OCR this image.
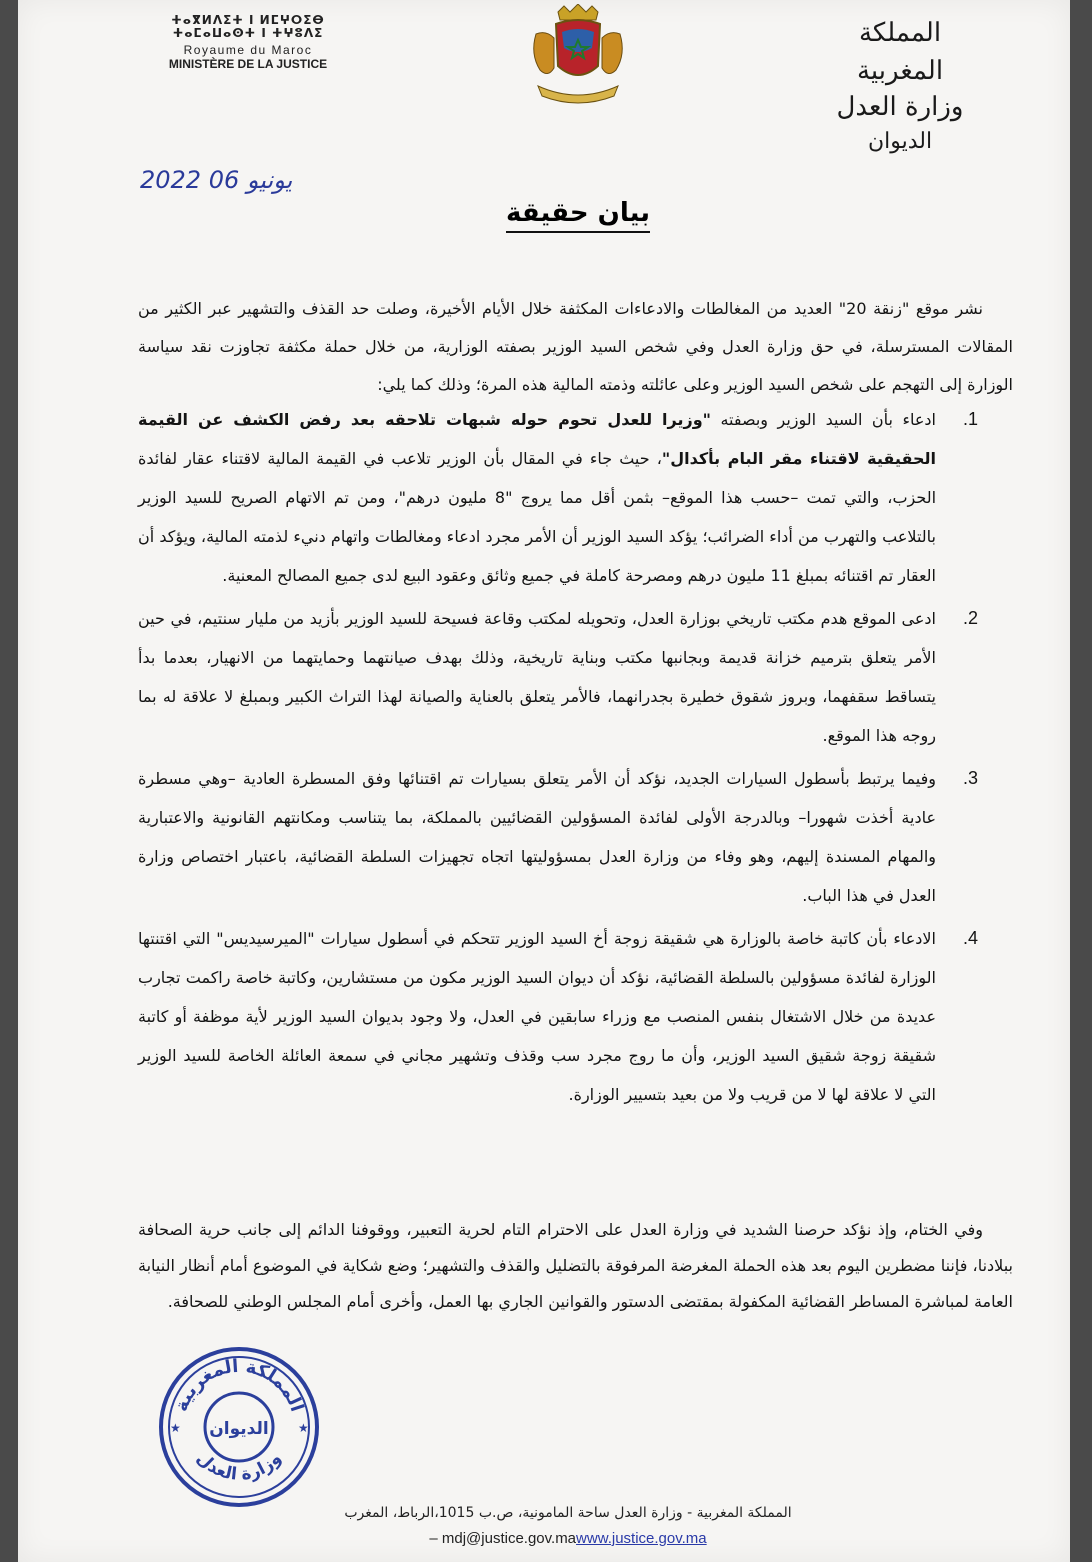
ⵜⴰⴳⵍⴷⵉⵜ ⵏ ⵍⵎⵖⵔⵉⴱ
ⵜⴰⵎⴰⵡⴰⵙⵜ ⵏ ⵜⵖⵓⴷⵉ
Royaume du Maroc
MINISTÈRE DE LA JUSTICE
المملكة المغربية
وزارة العدل
الديوان
2022 يونيو 06
بيان حقيقة

نشر موقع "زنقة 20" العديد من المغالطات والادعاءات المكثفة خلال الأيام الأخيرة، وصلت حد القذف والتشهير عبر الكثير من المقالات المسترسلة، في حق وزارة العدل وفي شخص السيد الوزير بصفته الوزارية، من خلال حملة مكثفة تجاوزت نقد سياسة الوزارة إلى التهجم على شخص السيد الوزير وعلى عائلته وذمته المالية هذه المرة؛ وذلك كما يلي:

1.
ادعاء بأن السيد الوزير وبصفته "وزيرا للعدل تحوم حوله شبهات تلاحقه بعد رفض الكشف عن القيمة الحقيقية لاقتناء مقر البام بأكدال"، حيث جاء في المقال بأن الوزير تلاعب في القيمة المالية لاقتناء عقار لفائدة الحزب، والتي تمت –حسب هذا الموقع– بثمن أقل مما يروج "8 مليون درهم"، ومن تم الاتهام الصريح للسيد الوزير بالتلاعب والتهرب من أداء الضرائب؛ يؤكد السيد الوزير أن الأمر مجرد ادعاء ومغالطات واتهام دنيء لذمته المالية، ويؤكد أن العقار تم اقتنائه بمبلغ 11 مليون درهم ومصرحة كاملة في جميع وثائق وعقود البيع لدى جميع المصالح المعنية.
2.
ادعى الموقع هدم مكتب تاريخي بوزارة العدل، وتحويله لمكتب وقاعة فسيحة للسيد الوزير بأزيد من مليار سنتيم، في حين الأمر يتعلق بترميم خزانة قديمة وبجانبها مكتب وبناية تاريخية، وذلك بهدف صيانتهما وحمايتهما من الانهيار، بعدما بدأ يتساقط سقفهما، وبروز شقوق خطيرة بجدرانهما، فالأمر يتعلق بالعناية والصيانة لهذا التراث الكبير وبمبلغ لا علاقة له بما روجه هذا الموقع.
3.
وفيما يرتبط بأسطول السيارات الجديد، نؤكد أن الأمر يتعلق بسيارات تم اقتنائها وفق المسطرة العادية –وهي مسطرة عادية أخذت شهورا– وبالدرجة الأولى لفائدة المسؤولين القضائيين بالمملكة، بما يتناسب ومكانتهم القانونية والاعتبارية والمهام المسندة إليهم، وهو وفاء من وزارة العدل بمسؤوليتها اتجاه تجهيزات السلطة القضائية، باعتبار اختصاص وزارة العدل في هذا الباب.
4.
الادعاء بأن كاتبة خاصة بالوزارة هي شقيقة زوجة أخ السيد الوزير تتحكم في أسطول سيارات "الميرسيديس" التي اقتنتها الوزارة لفائدة مسؤولين بالسلطة القضائية، نؤكد أن ديوان السيد الوزير مكون من مستشارين، وكاتبة خاصة راكمت تجارب عديدة من خلال الاشتغال بنفس المنصب مع وزراء سابقين في العدل، ولا وجود بديوان السيد الوزير لأية موظفة أو كاتبة شقيقة زوجة شقيق السيد الوزير، وأن ما روج مجرد سب وقذف وتشهير مجاني في سمعة العائلة الخاصة للسيد الوزير التي لا علاقة لها لا من قريب ولا من بعيد بتسيير الوزارة.

وفي الختام، وإذ نؤكد حرصنا الشديد في وزارة العدل على الاحترام التام لحرية التعبير، ووقوفنا الدائم إلى جانب حرية الصحافة ببلادنا، فإننا مضطرين اليوم بعد هذه الحملة المغرضة المرفوقة بالتضليل والقذف والتشهير؛ وضع شكاية في الموضوع أمام أنظار النيابة العامة لمباشرة المساطر القضائية المكفولة بمقتضى الدستور والقوانين الجاري بها العمل، وأخرى أمام المجلس الوطني للصحافة.

المملكة المغربية
وزارة العدل
الديوان
★	★
المملكة المغربية - وزارة العدل ساحة المامونية، ص.ب 1015،الرباط، المغرب
– mdj@justice.gov.mawww.justice.gov.ma
